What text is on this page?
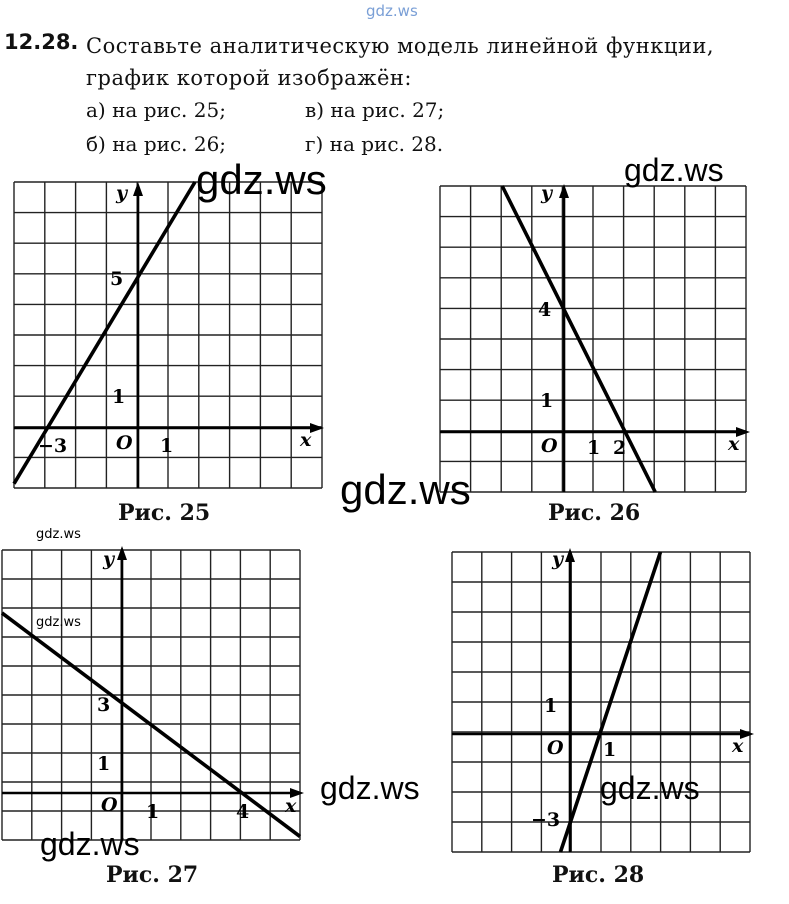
gdz.ws
12.28. Составьте аналитическую модель линейной функции,
график которой изображён:
а) на рис. 25;	в) на рис. 27;
б) на рис. 26;	г) на рис. 28.
x
y
O
5
1
−3	1	x
y
O
4
1
1 2
x
y
O
3
1
1	4
x
y
O
1
−3
1
Рис. 25	Рис. 26
Рис. 27	Рис. 28
gdz.ws	gdz.ws
gdz.ws
gdz.ws
gdz.ws
gdz.ws	gdz.ws
gdz.ws
